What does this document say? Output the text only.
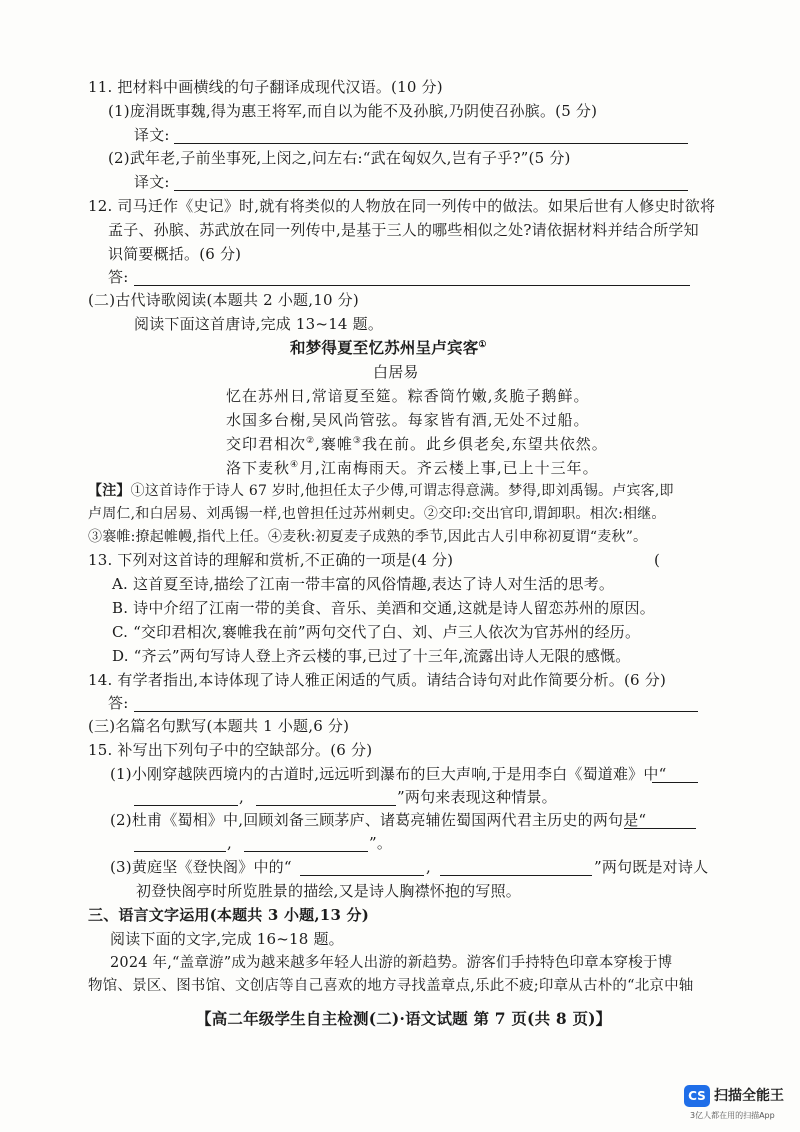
11. 把材料中画横线的句子翻译成现代汉语。(10 分)
(1)庞涓既事魏,得为惠王将军,而自以为能不及孙膑,乃阴使召孙膑。(5 分)
译文:
(2)武年老,子前坐事死,上闵之,问左右:“武在匈奴久,岂有子乎?”(5 分)
译文:
12. 司马迁作《史记》时,就有将类似的人物放在同一列传中的做法。如果后世有人修史时欲将
孟子、孙膑、苏武放在同一列传中,是基于三人的哪些相似之处?请依据材料并结合所学知
识简要概括。(6 分)
答:
(二)古代诗歌阅读(本题共 2 小题,10 分)
阅读下面这首唐诗,完成 13~14 题。
和梦得夏至忆苏州呈卢宾客①
白居易
忆在苏州日,常谙夏至筵。粽香筒竹嫩,炙脆子鹅鲜。
水国多台榭,吴风尚管弦。每家皆有酒,无处不过船。
交印君相次②,褰帷③我在前。此乡俱老矣,东望共依然。
洛下麦秋④月,江南梅雨天。齐云楼上事,已上十三年。
【注】①这首诗作于诗人 67 岁时,他担任太子少傅,可谓志得意满。梦得,即刘禹锡。卢宾客,即
卢周仁,和白居易、刘禹锡一样,也曾担任过苏州刺史。②交印:交出官印,谓卸职。相次:相继。
③褰帷:撩起帷幔,指代上任。④麦秋:初夏麦子成熟的季节,因此古人引申称初夏谓“麦秋”。
13. 下列对这首诗的理解和赏析,不正确的一项是(4 分)	(
A. 这首夏至诗,描绘了江南一带丰富的风俗情趣,表达了诗人对生活的思考。
B. 诗中介绍了江南一带的美食、音乐、美酒和交通,这就是诗人留恋苏州的原因。
C. “交印君相次,褰帷我在前”两句交代了白、刘、卢三人依次为官苏州的经历。
D. “齐云”两句写诗人登上齐云楼的事,已过了十三年,流露出诗人无限的感慨。
14. 有学者指出,本诗体现了诗人雅正闲适的气质。请结合诗句对此作简要分析。(6 分)
答:
(三)名篇名句默写(本题共 1 小题,6 分)
15. 补写出下列句子中的空缺部分。(6 分)
(1)小刚穿越陕西境内的古道时,远远听到瀑布的巨大声响,于是用李白《蜀道难》中“
,	”两句来表现这种情景。
(2)杜甫《蜀相》中,回顾刘备三顾茅庐、诸葛亮辅佐蜀国两代君主历史的两句是“
,	”。
(3)黄庭坚《登快阁》中的“	,	”两句既是对诗人
初登快阁亭时所览胜景的描绘,又是诗人胸襟怀抱的写照。
三、语言文字运用(本题共 3 小题,13 分)
阅读下面的文字,完成 16~18 题。
2024 年,“盖章游”成为越来越多年轻人出游的新趋势。游客们手持特色印章本穿梭于博
物馆、景区、图书馆、文创店等自己喜欢的地方寻找盖章点,乐此不疲;印章从古朴的“北京中轴
【高二年级学生自主检测(二)·语文试题 第 7 页(共 8 页)】
CS 扫描全能王
3亿人都在用的扫描App
